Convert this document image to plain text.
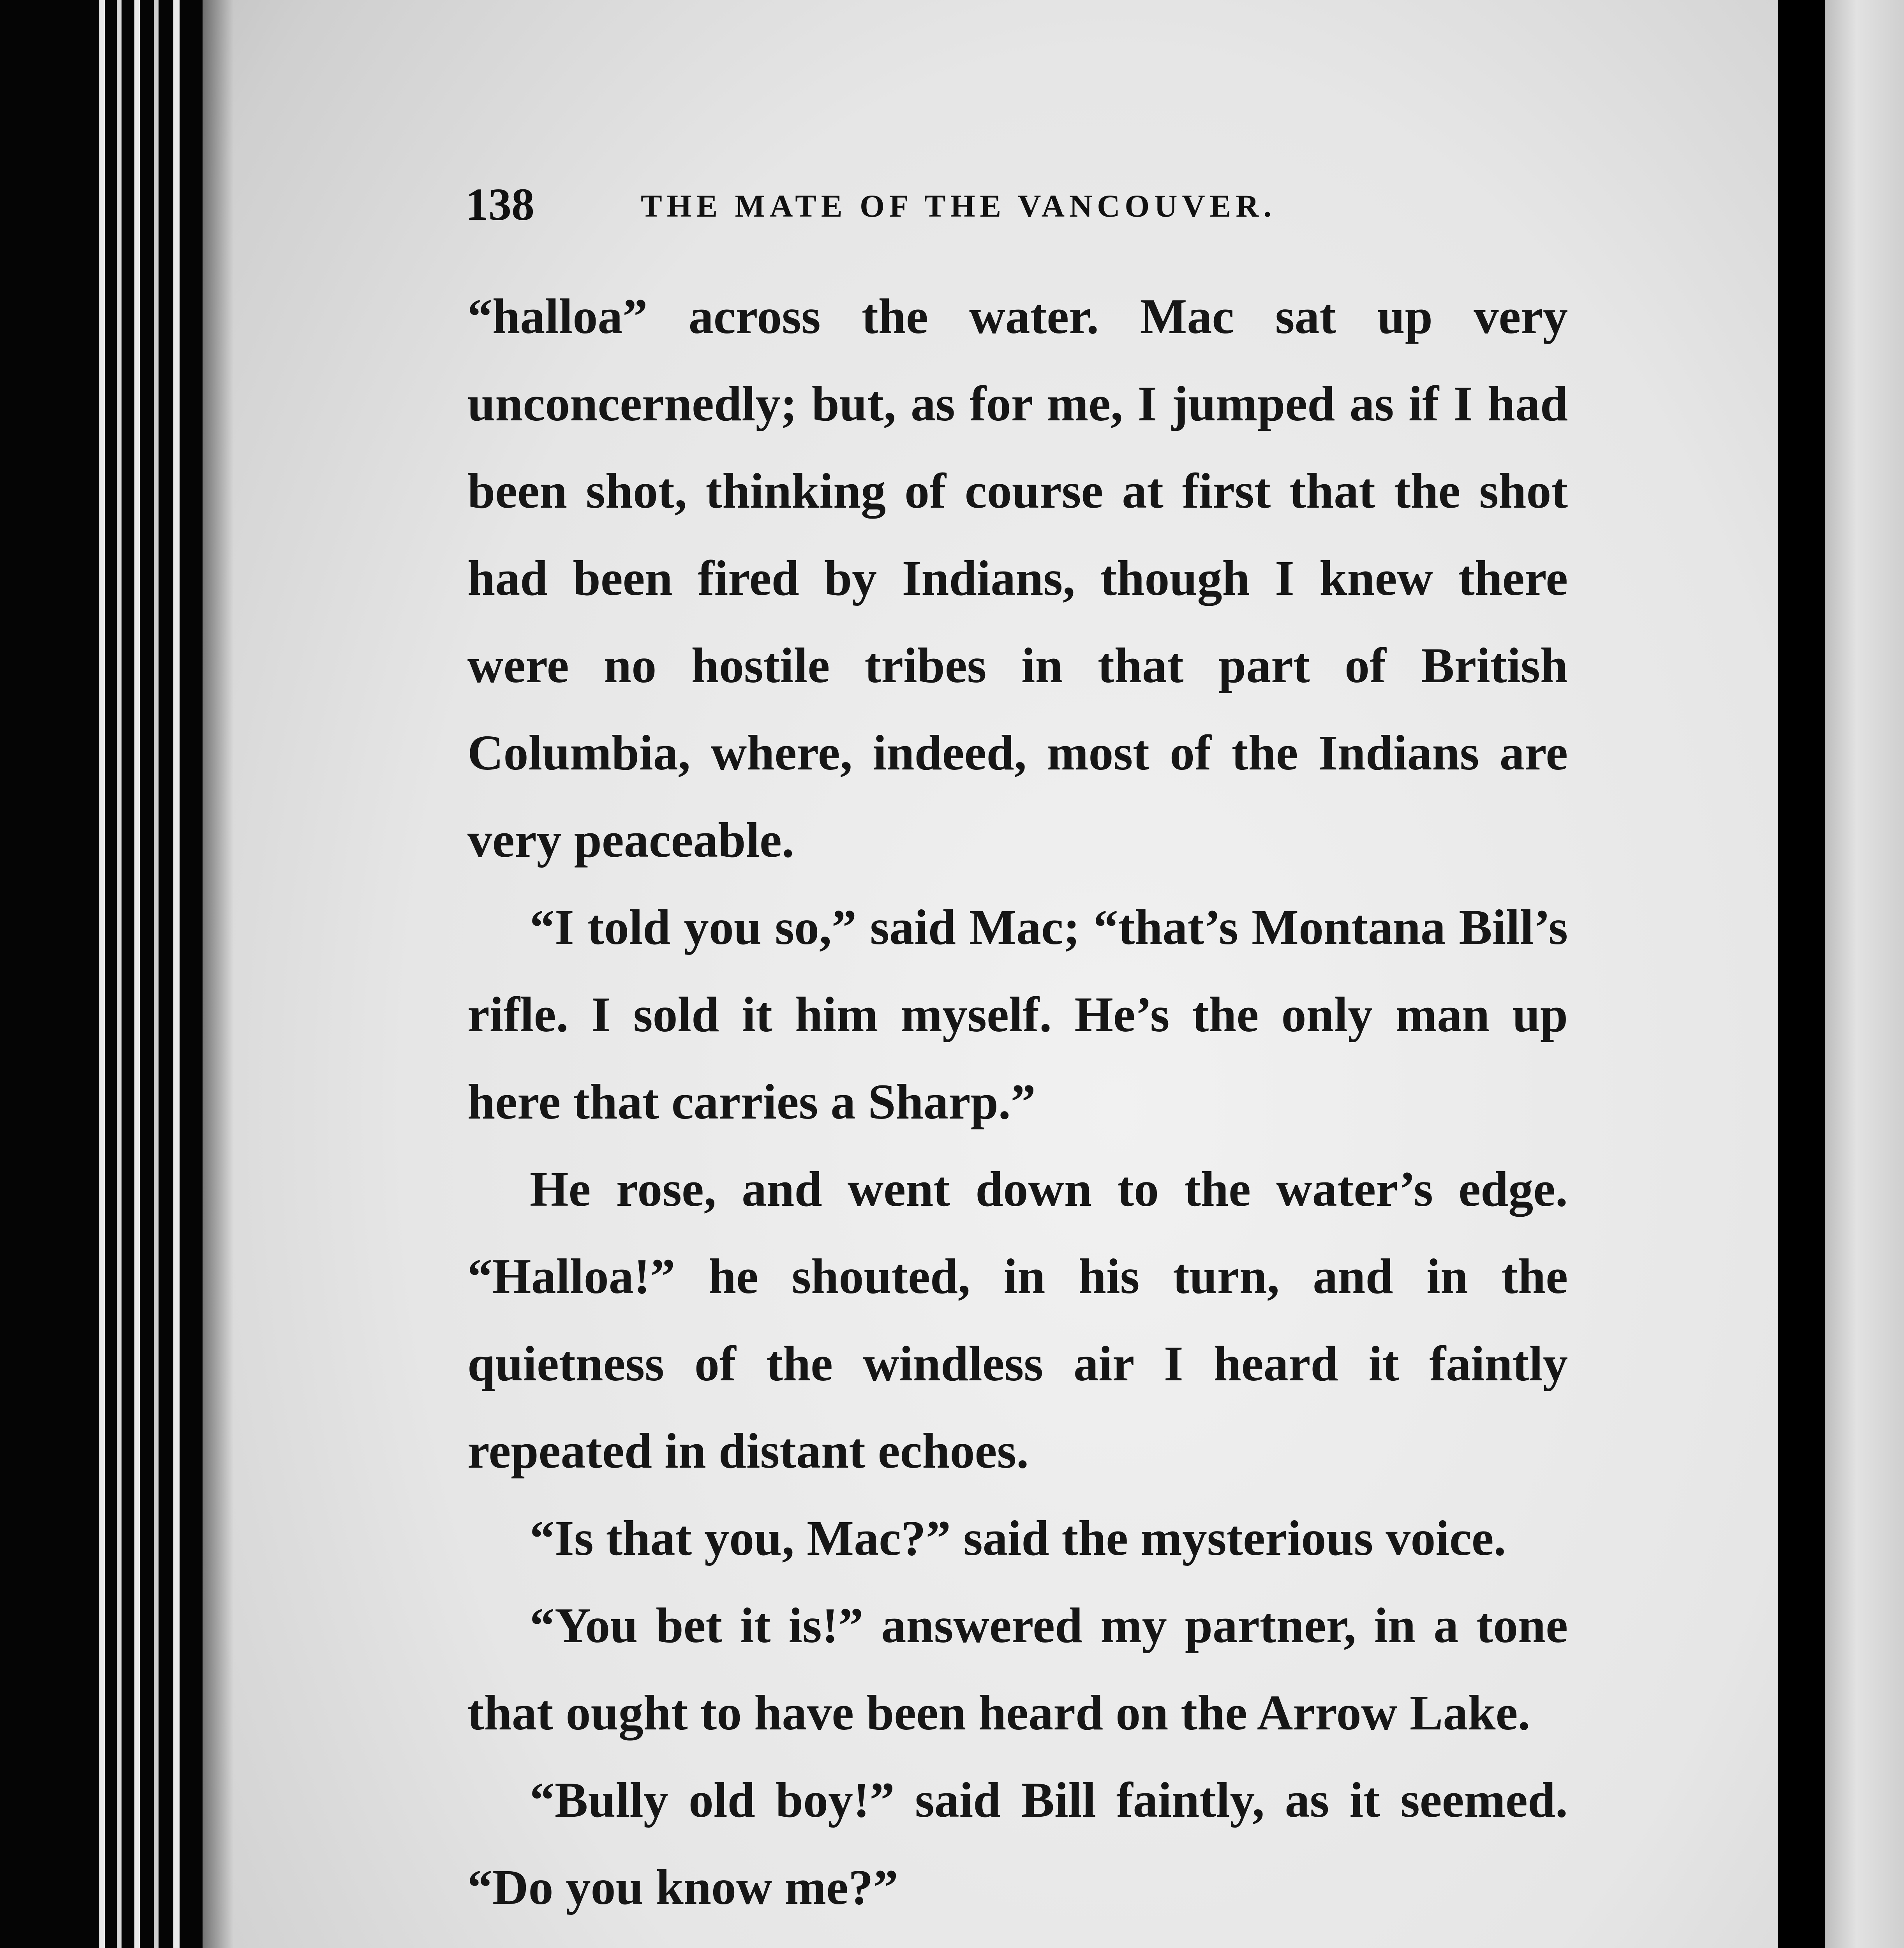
138	THE MATE OF THE VANCOUVER.

“halloa” across the water. Mac sat up very unconcernedly; but, as for me, I jumped as if I had been shot, thinking of course at first that the shot had been fired by Indians, though I knew there were no hostile tribes in that part of British Columbia, where, indeed, most of the Indians are very peaceable.

“I told you so,” said Mac; “that’s Montana Bill’s rifle. I sold it him myself. He’s the only man up here that carries a Sharp.”

He rose, and went down to the water’s edge. “Halloa!” he shouted, in his turn, and in the quietness of the windless air I heard it faintly repeated in distant echoes.

“Is that you, Mac?” said the mysterious voice.

“You bet it is!” answered my partner, in a tone that ought to have been heard on the Arrow Lake.

“Bully old boy!” said Bill faintly, as it seemed. “Do you know me?”
